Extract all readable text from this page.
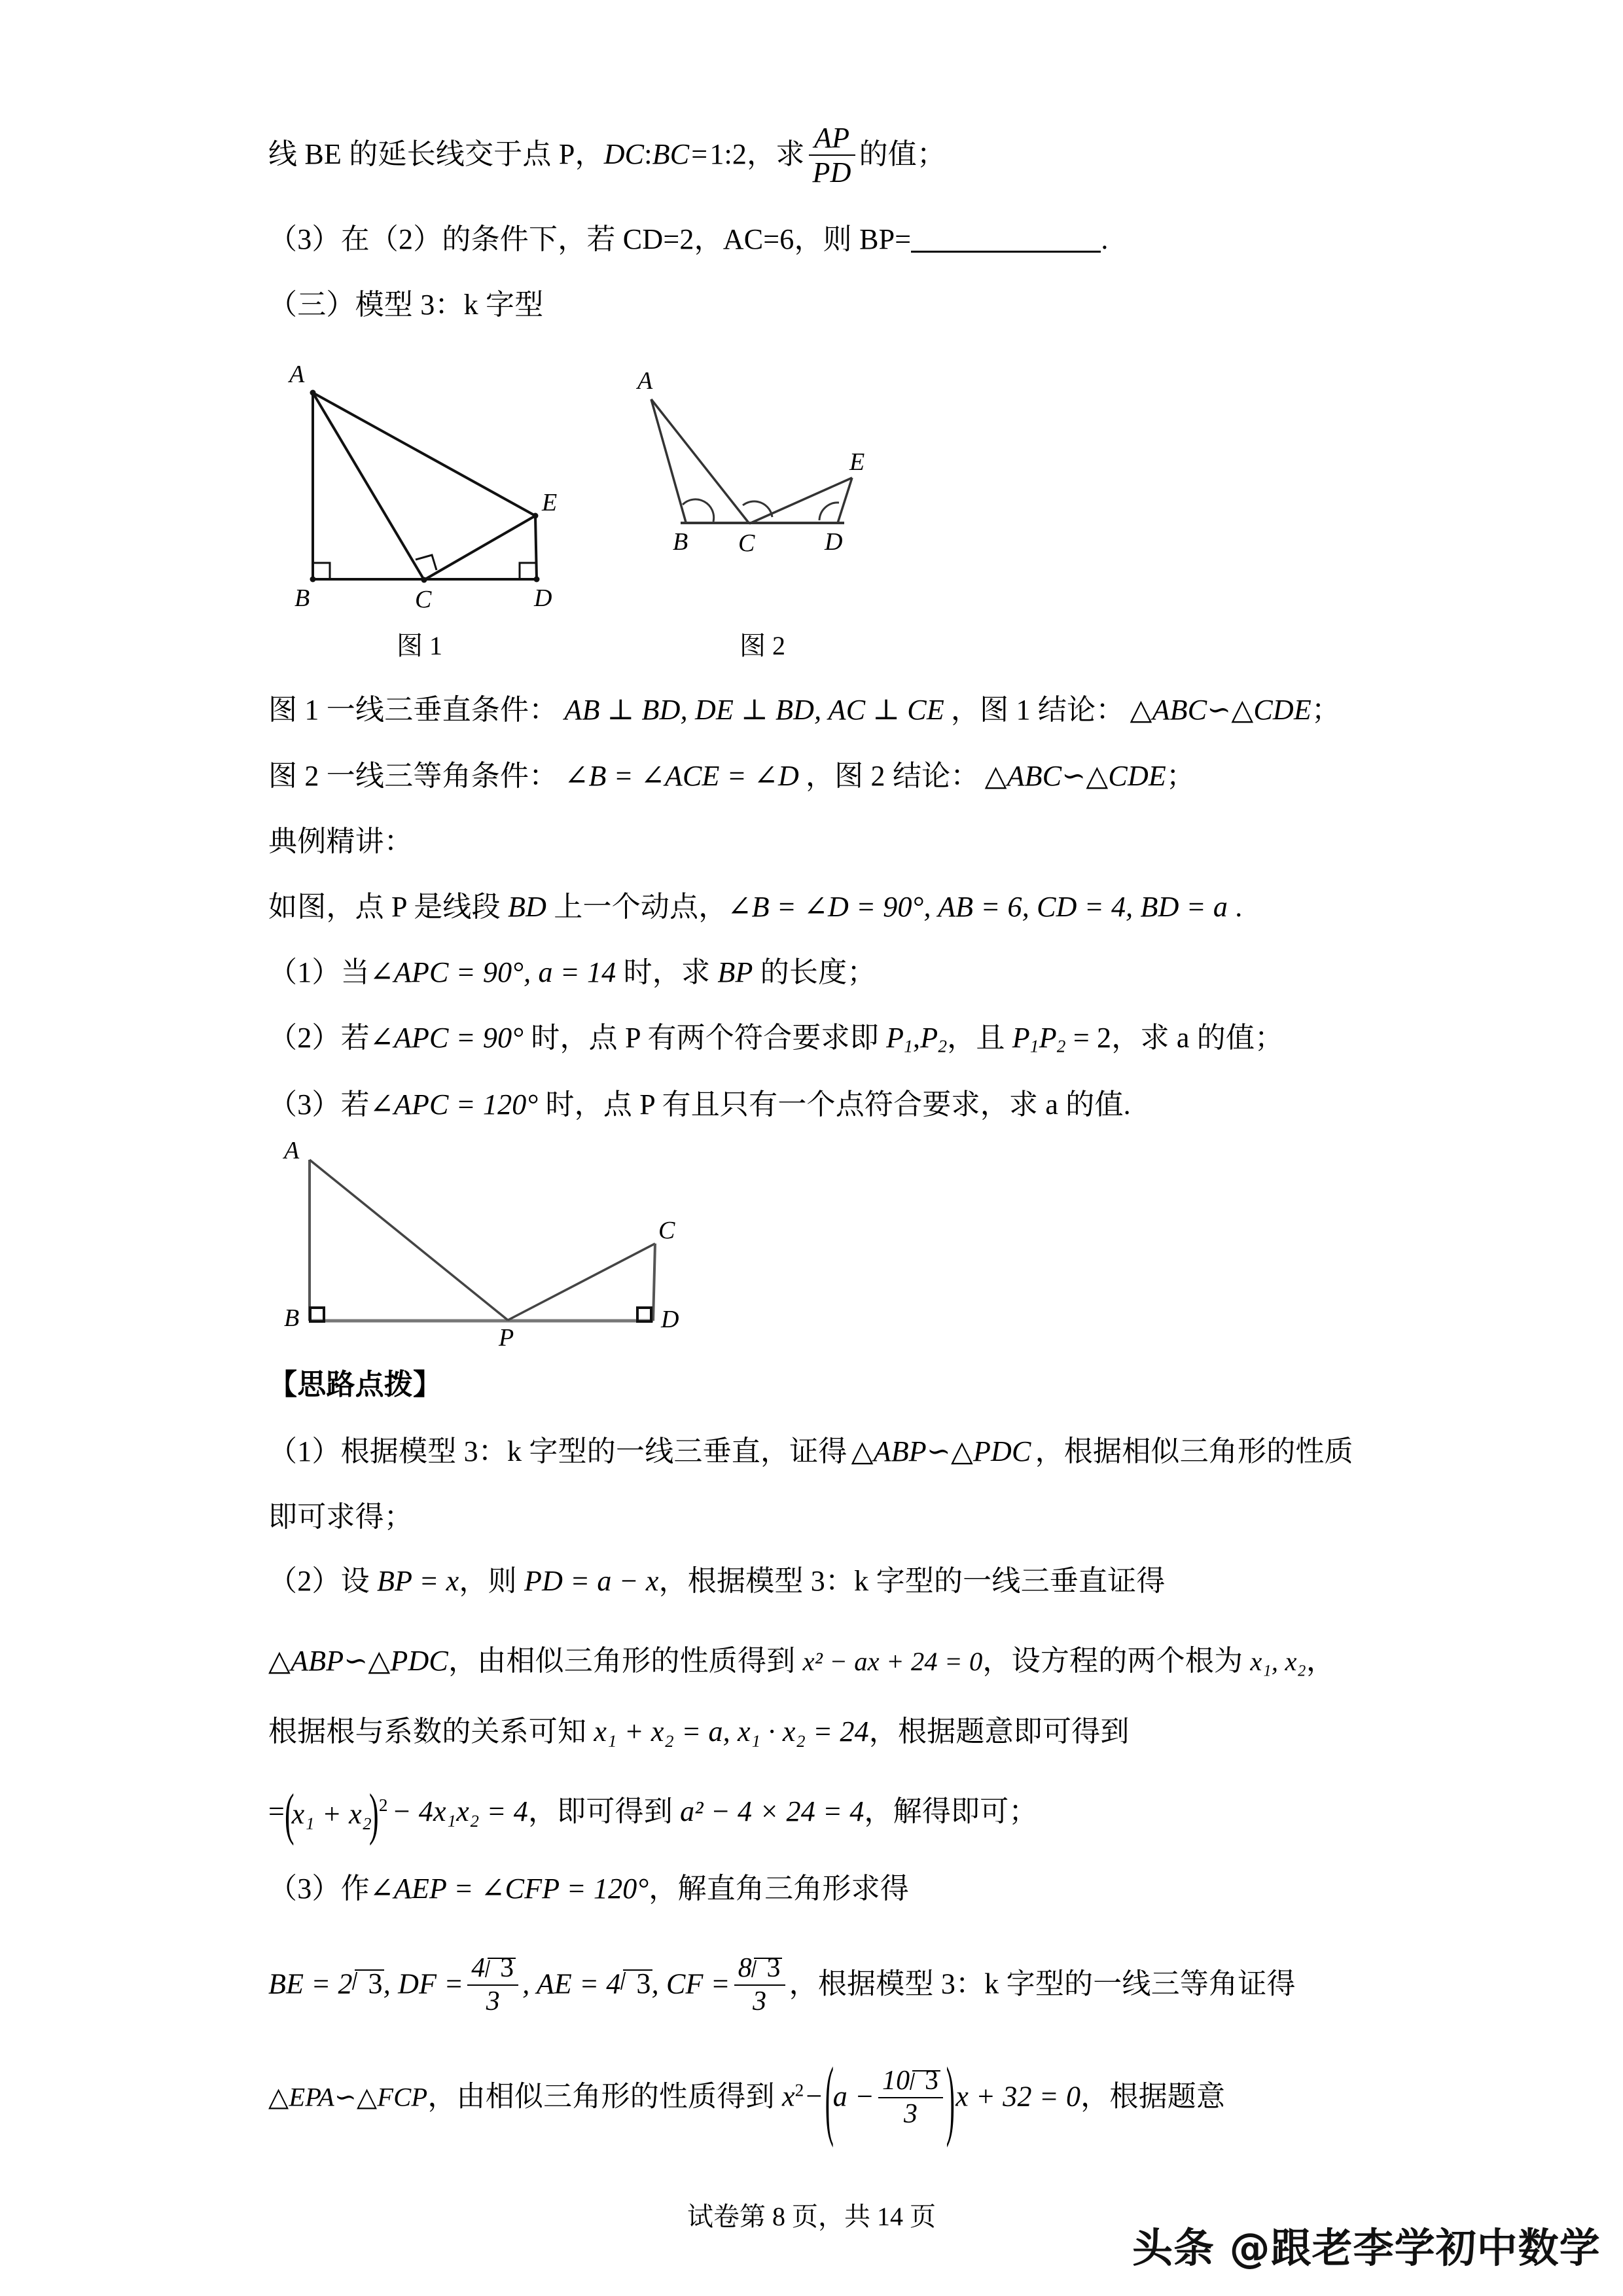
线 BE 的延长线交于点 P，DC:BC=1:2，求 $\frac{AP}{PD}$ 的值；
（3）在（2）的条件下，若 CD=2，AC=6，则 BP=	.
（三）模型 3：k 字型
A
B	C	D
E
图 1
A
B C	D
E
图 2
图 1 一线三垂直条件： AB ⊥ BD, DE ⊥ BD, AC ⊥ CE ，图 1 结论： △ABC∽△CDE；
图 2 一线三等角条件： ∠B = ∠ACE = ∠D ，图 2 结论： △ABC∽△CDE；
典例精讲：
如图，点 P 是线段 BD 上一个动点，∠B = ∠D = 90°, AB = 6, CD = 4, BD = a .
（1）当∠APC = 90°, a = 14 时，求 BP 的长度；
（2）若∠APC = 90° 时，点 P 有两个符合要求即 $P_1,P_2$，且 $P_1P_2 = 2$，求 a 的值；
（3）若∠APC = 120° 时，点 P 有且只有一个点符合要求，求 a 的值.
A
B
P
C
D
【思路点拨】
（1）根据模型 3：k 字型的一线三垂直，证得 △ABP∽△PDC ，根据相似三角形的性质
即可求得；
（2）设 BP = x，则 PD = a − x，根据模型 3：k 字型的一线三垂直证得
△ABP∽△PDC，由相似三角形的性质得到 x² − ax + 24 = 0，设方程的两个根为 x₁, x₂，
根据根与系数的关系可知 x₁ + x₂ = a, x₁ · x₂ = 24，根据题意即可得到
= ( x₁ + x₂ ) $^2$ − 4x₁x₂ = 4，即可得到 a² − 4 × 24 = 4，解得即可；
（3）作∠AEP = ∠CFP = 120°，解直角三角形求得
BE = 2 3, DF = $\frac{4 3}{3}$ , AE = 4 3, CF = $\frac{8 3}{3}$ ，根据模型 3：k 字型的一线三等角证得
△EPA∽△FCP，由相似三角形的性质得到 $x^2-$ ( $a - \frac{10 3}{3}$
) x + 32 = 0，根据题意
试卷第 8 页，共 14 页
头条 @跟老李学初中数学
